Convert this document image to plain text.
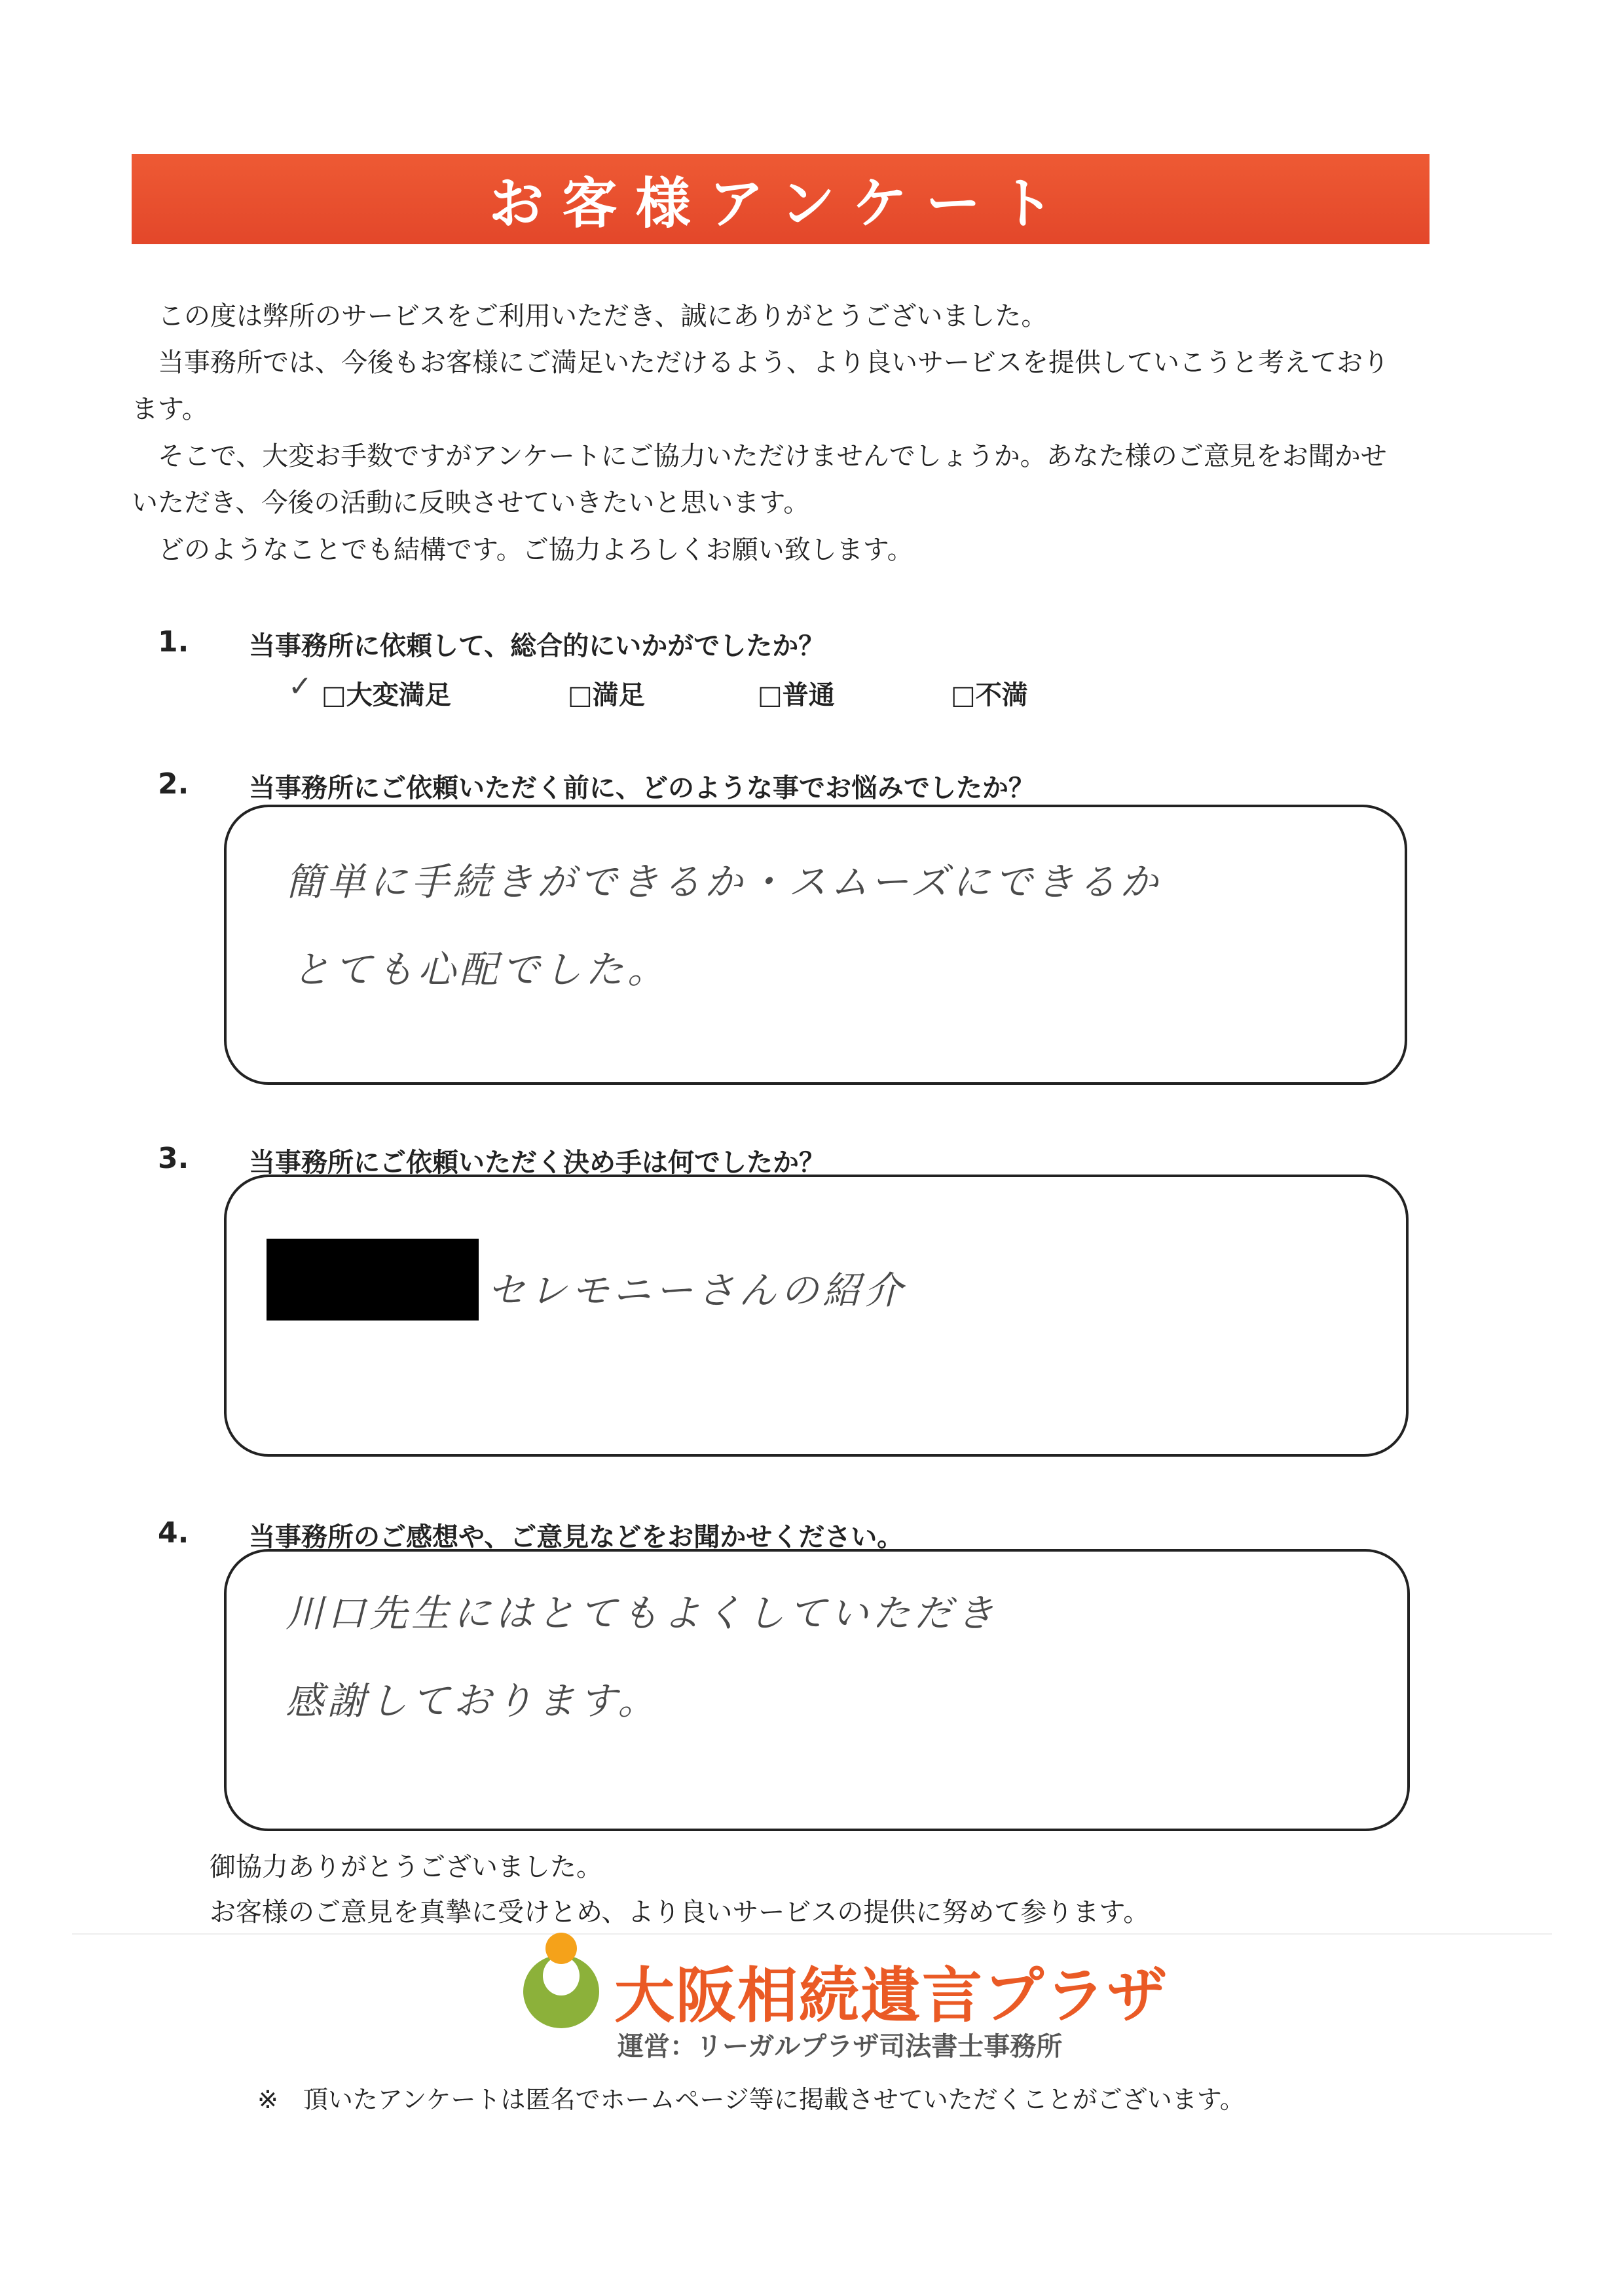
お客様アンケート
この度は弊所のサービスをご利用いただき、誠にありがとうございました。
当事務所では、今後もお客様にご満足いただけるよう、より良いサービスを提供していこうと考えており
ます。
そこで、大変お手数ですがアンケートにご協力いただけませんでしょうか。あなた様のご意見をお聞かせ
いただき、今後の活動に反映させていきたいと思います。
どのようなことでも結構です。ご協力よろしくお願い致します。
1. 当事務所に依頼して、総合的にいかがでしたか？
✓ □大変満足	□満足	□普通	□不満
2. 当事務所にご依頼いただく前に、どのような事でお悩みでしたか？
簡単に手続きができるか・スムーズにできるか
とても心配でした。
3. 当事務所にご依頼いただく決め手は何でしたか？
セレモニーさんの紹介
4. 当事務所のご感想や、ご意見などをお聞かせください。
川口先生にはとてもよくしていただき
感謝しております。
御協力ありがとうございました。
お客様のご意見を真摯に受けとめ、より良いサービスの提供に努めて参ります。
大阪相続遺言プラザ
運営：リーガルプラザ司法書士事務所
※　頂いたアンケートは匿名でホームページ等に掲載させていただくことがございます。
